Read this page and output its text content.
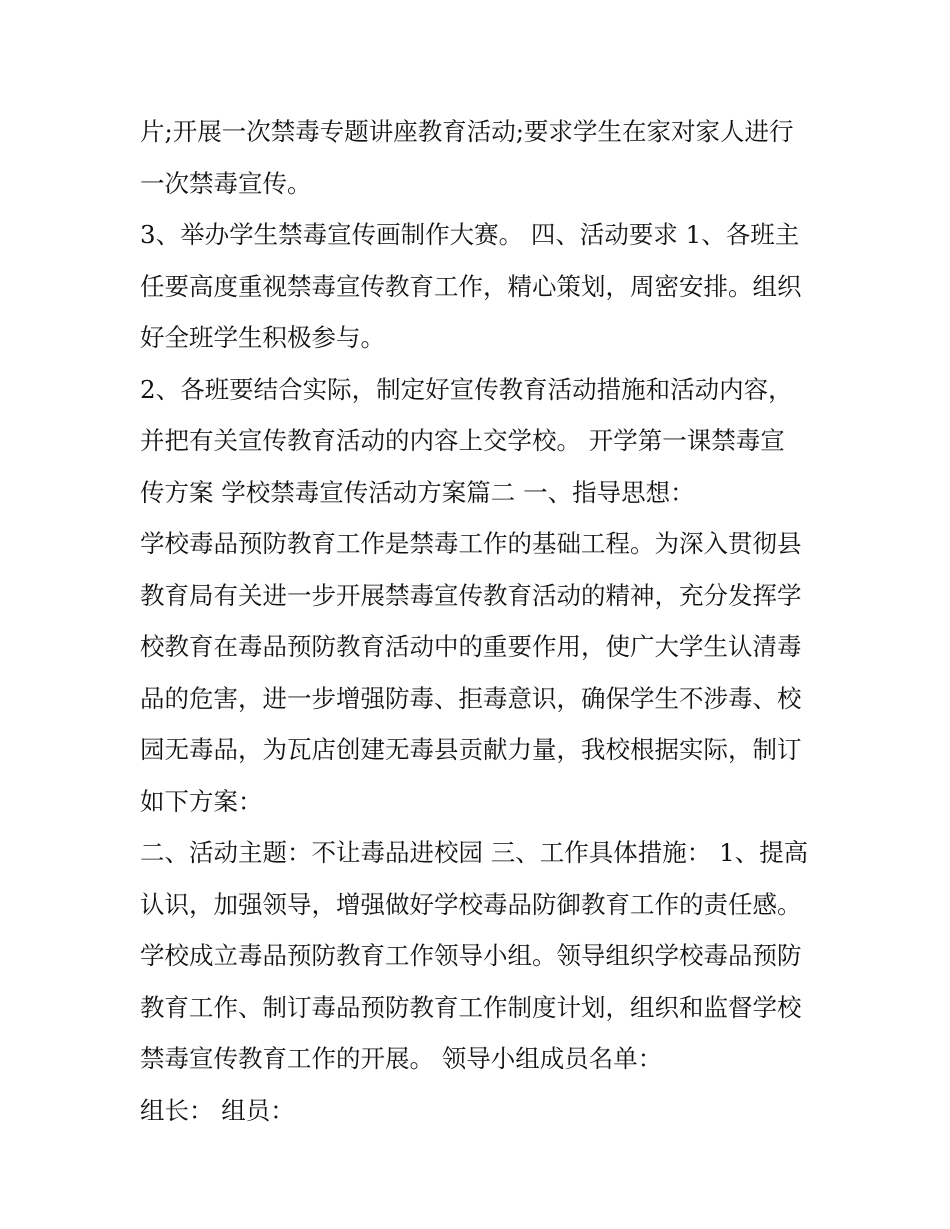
片;开展一次禁毒专题讲座教育活动;要求学生在家对家人进行
一次禁毒宣传。
3、举办学生禁毒宣传画制作大赛。 四、活动要求 1、各班主
任要高度重视禁毒宣传教育工作，精心策划，周密安排。组织
好全班学生积极参与。
2、各班要结合实际，制定好宣传教育活动措施和活动内容，
并把有关宣传教育活动的内容上交学校。 开学第一课禁毒宣
传方案 学校禁毒宣传活动方案篇二 一、指导思想：
学校毒品预防教育工作是禁毒工作的基础工程。为深入贯彻县
教育局有关进一步开展禁毒宣传教育活动的精神，充分发挥学
校教育在毒品预防教育活动中的重要作用，使广大学生认清毒
品的危害，进一步增强防毒、拒毒意识，确保学生不涉毒、校
园无毒品，为瓦店创建无毒县贡献力量，我校根据实际，制订
如下方案：
二、活动主题：不让毒品进校园 三、工作具体措施： 1、提高
认识，加强领导，增强做好学校毒品防御教育工作的责任感。
学校成立毒品预防教育工作领导小组。领导组织学校毒品预防
教育工作、制订毒品预防教育工作制度计划，组织和监督学校
禁毒宣传教育工作的开展。 领导小组成员名单：
组长： 组员：
